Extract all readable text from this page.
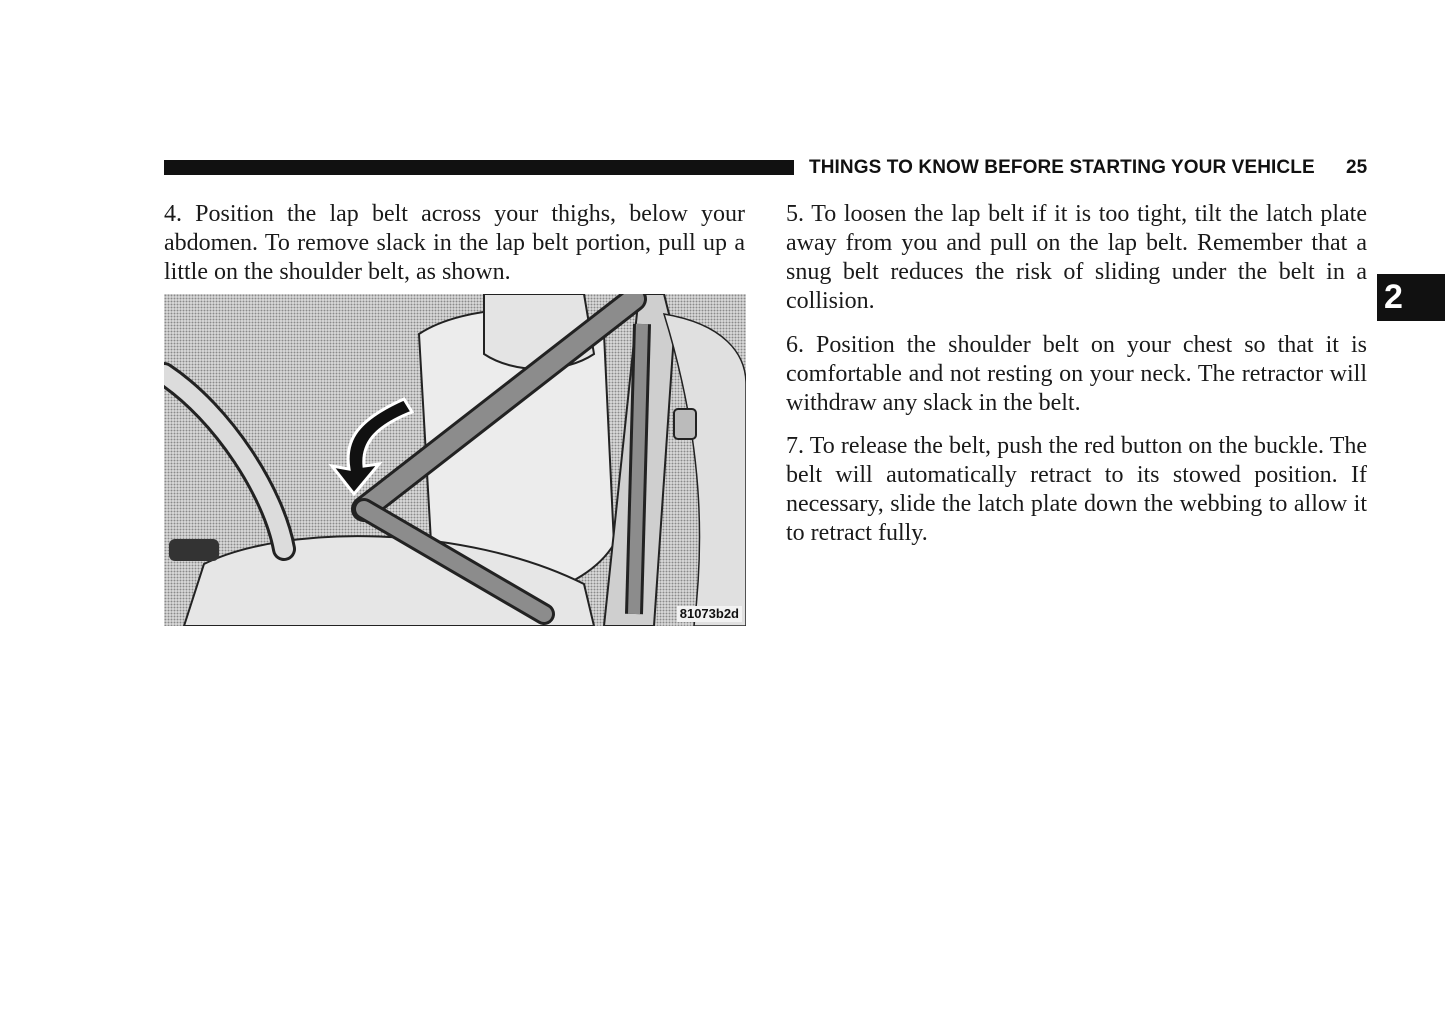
THINGS TO KNOW BEFORE STARTING YOUR VEHICLE 25
2

4. Position the lap belt across your thighs, below your abdomen. To remove slack in the lap belt portion, pull up a little on the shoulder belt, as shown.

81073b2d

5. To loosen the lap belt if it is too tight, tilt the latch plate away from you and pull on the lap belt. Remember that a snug belt reduces the risk of sliding under the belt in a collision.

6. Position the shoulder belt on your chest so that it is comfortable and not resting on your neck. The retractor will withdraw any slack in the belt.

7. To release the belt, push the red button on the buckle. The belt will automatically retract to its stowed position. If necessary, slide the latch plate down the webbing to allow it to retract fully.
